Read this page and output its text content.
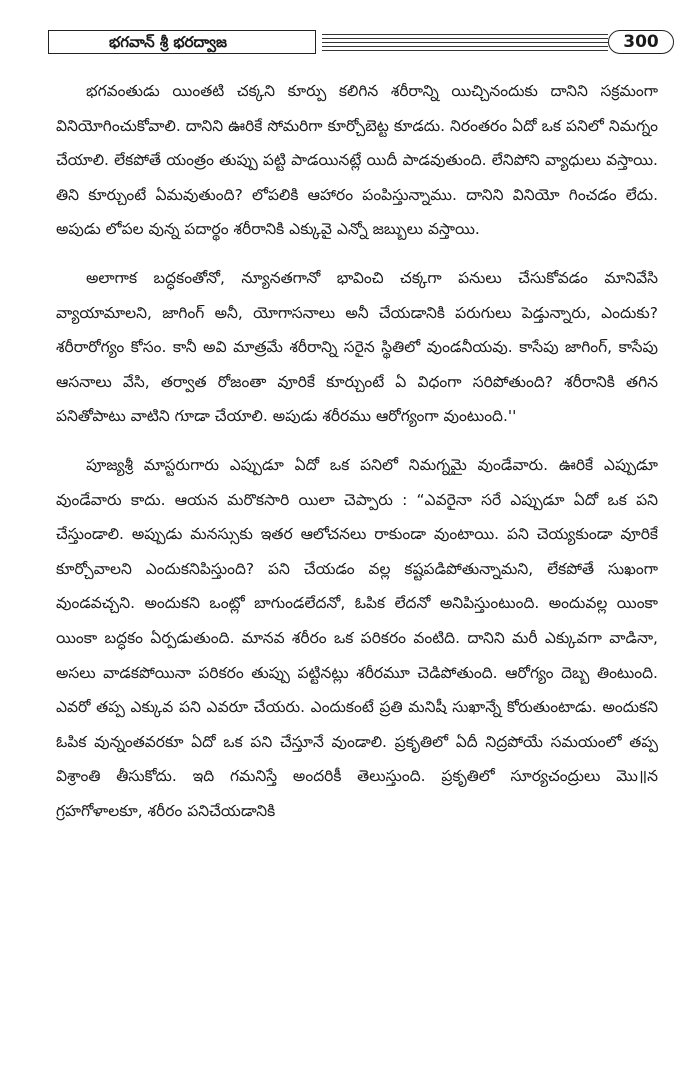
భగవాన్ శ్రీ భరద్వాజ	300

భగవంతుడు యింతటి చక్కని కూర్పు కలిగిన శరీరాన్ని యిచ్చినందుకు దానిని సక్రమంగా వినియోగించుకోవాలి. దానిని ఊరికే సోమరిగా కూర్చోబెట్ట కూడదు. నిరంతరం ఏదో ఒక పనిలో నిమగ్నం చేయాలి. లేకపోతే యంత్రం తుప్పు పట్టి పాడయినట్లే యిదీ పాడవుతుంది. లేనిపోని వ్యాధులు వస్తాయి. తిని కూర్చుంటే ఏమవుతుంది? లోపలికి ఆహారం పంపిస్తున్నాము. దానిని వినియో గించడం లేదు. అపుడు లోపల వున్న పదార్థం శరీరానికి ఎక్కువై ఎన్నో జబ్బులు వస్తాయి.

అలాగాక బద్ధకంతోనో, న్యూనతగానో భావించి చక్కగా పనులు చేసుకోవడం మానివేసి వ్యాయామాలని, జాగింగ్ అనీ, యోగాసనాలు అనీ చేయడానికి పరుగులు పెడ్తున్నారు, ఎందుకు? శరీరారోగ్యం కోసం. కానీ అవి మాత్రమే శరీరాన్ని సరైన స్థితిలో వుండనీయవు. కాసేపు జాగింగ్, కాసేపు ఆసనాలు వేసి, తర్వాత రోజంతా వూరికే కూర్చుంటే ఏ విధంగా సరిపోతుంది? శరీరానికి తగిన పనితోపాటు వాటిని గూడా చేయాలి. అపుడు శరీరము ఆరోగ్యంగా వుంటుంది.''

పూజ్యశ్రీ మాస్టరుగారు ఎప్పుడూ ఏదో ఒక పనిలో నిమగ్నమై వుండేవారు. ఊరికే ఎప్పుడూ వుండేవారు కాదు. ఆయన మరొకసారి యిలా చెప్పారు : “ఎవరైనా సరే ఎప్పుడూ ఏదో ఒక పని చేస్తుండాలి. అప్పుడు మనస్సుకు ఇతర ఆలోచనలు రాకుండా వుంటాయి. పని చెయ్యకుండా వూరికే కూర్చోవాలని ఎందుకనిపిస్తుంది? పని చేయడం వల్ల కష్టపడిపోతున్నామని, లేకపోతే సుఖంగా వుండవచ్చని. అందుకని ఒంట్లో బాగుండలేదనో, ఓపిక లేదనో అనిపిస్తుంటుంది. అందువల్ల యింకా యింకా బద్ధకం ఏర్పడుతుంది. మానవ శరీరం ఒక పరికరం వంటిది. దానిని మరీ ఎక్కువగా వాడినా, అసలు వాడకపోయినా పరికరం తుప్పు పట్టినట్లు శరీరమూ చెడిపోతుంది. ఆరోగ్యం దెబ్బ తింటుంది. ఎవరో తప్ప ఎక్కువ పని ఎవరూ చేయరు. ఎందుకంటే ప్రతి మనిషీ సుఖాన్నే కోరుతుంటాడు. అందుకని ఓపిక వున్నంతవరకూ ఏదో ఒక పని చేస్తూనే వుండాలి. ప్రకృతిలో ఏదీ నిద్రపోయే సమయంలో తప్ప విశ్రాంతి తీసుకోదు. ఇది గమనిస్తే అందరికీ తెలుస్తుంది. ప్రకృతిలో సూర్యచంద్రులు మొ॥న గ్రహగోళాలకూ, శరీరం పనిచేయడానికి
